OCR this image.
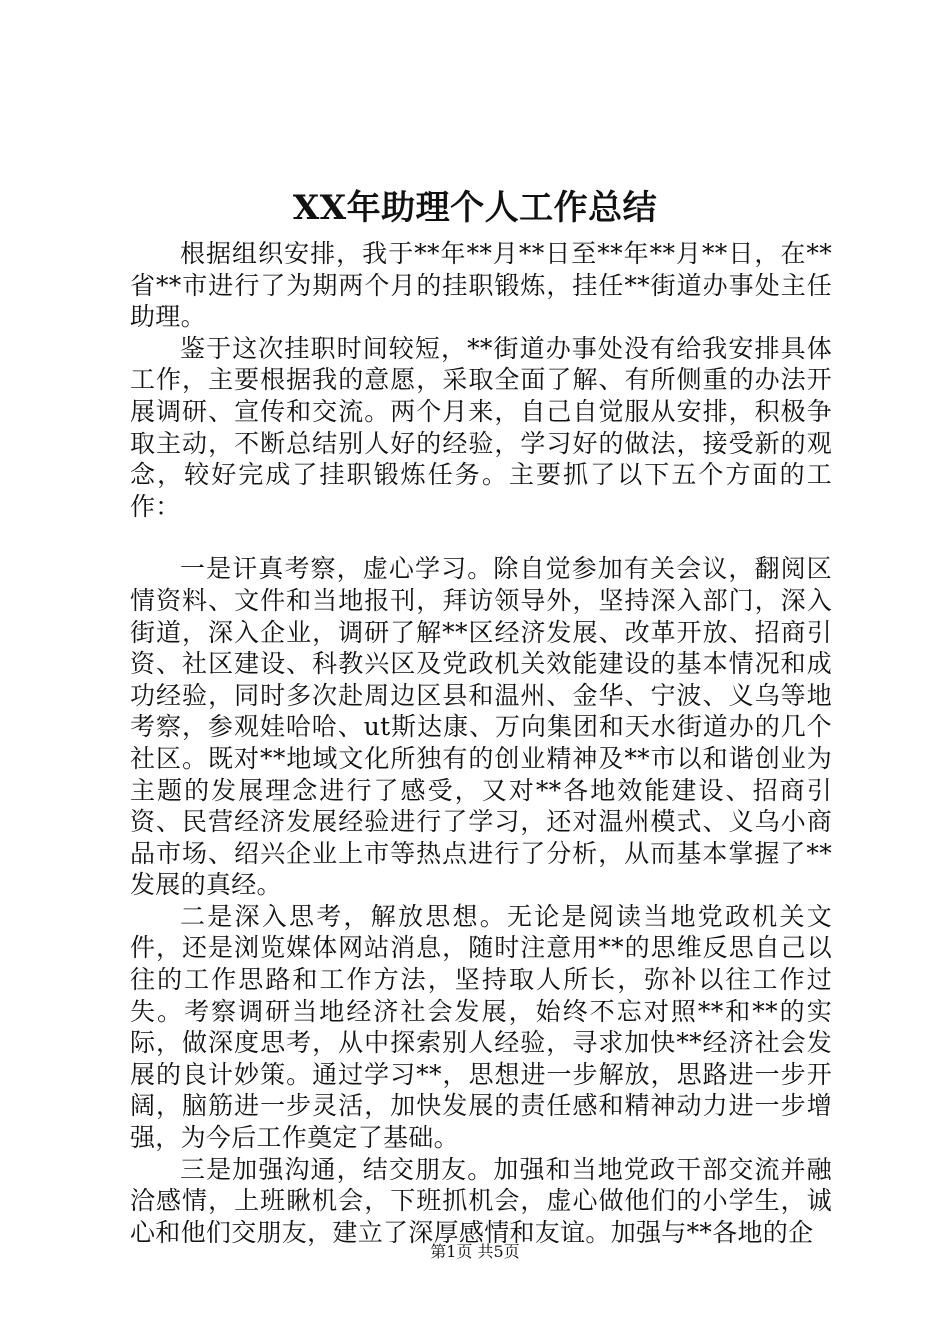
XX年助理个人工作总结

根据组织安排，我于**年**月**日至**年**月**日，在**省**市进行了为期两个月的挂职锻炼，挂任**街道办事处主任助理。

鉴于这次挂职时间较短，**街道办事处没有给我安排具体工作，主要根据我的意愿，采取全面了解、有所侧重的办法开展调研、宣传和交流。两个月来，自己自觉服从安排，积极争取主动，不断总结别人好的经验，学习好的做法，接受新的观念，较好完成了挂职锻炼任务。主要抓了以下五个方面的工作：

一是讦真考察，虚心学习。除自觉参加有关会议，翻阅区情资料、文件和当地报刊，拜访领导外，坚持深入部门，深入街道，深入企业，调研了解**区经济发展、改革开放、招商引资、社区建设、科教兴区及党政机关效能建设的基本情况和成功经验，同时多次赴周边区县和温州、金华、宁波、义乌等地考察，参观娃哈哈、ut斯达康、万向集团和天水街道办的几个社区。既对**地域文化所独有的创业精神及**市以和谐创业为主题的发展理念进行了感受，又对**各地效能建设、招商引资、民营经济发展经验进行了学习，还对温州模式、义乌小商品市场、绍兴企业上市等热点进行了分析，从而基本掌握了**发展的真经。

二是深入思考，解放思想。无论是阅读当地党政机关文件，还是浏览媒体网站消息，随时注意用**的思维反思自己以往的工作思路和工作方法，坚持取人所长，弥补以往工作过失。考察调研当地经济社会发展，始终不忘对照**和**的实际，做深度思考，从中探索别人经验，寻求加快**经济社会发展的良计妙策。通过学习**，思想进一步解放，思路进一步开阔，脑筋进一步灵活，加快发展的责任感和精神动力进一步增强，为今后工作奠定了基础。

三是加强沟通，结交朋友。加强和当地党政干部交流并融洽感情，上班瞅机会，下班抓机会，虚心做他们的小学生，诚心和他们交朋友，建立了深厚感情和友谊。加强与**各地的企

第1页 共5页
